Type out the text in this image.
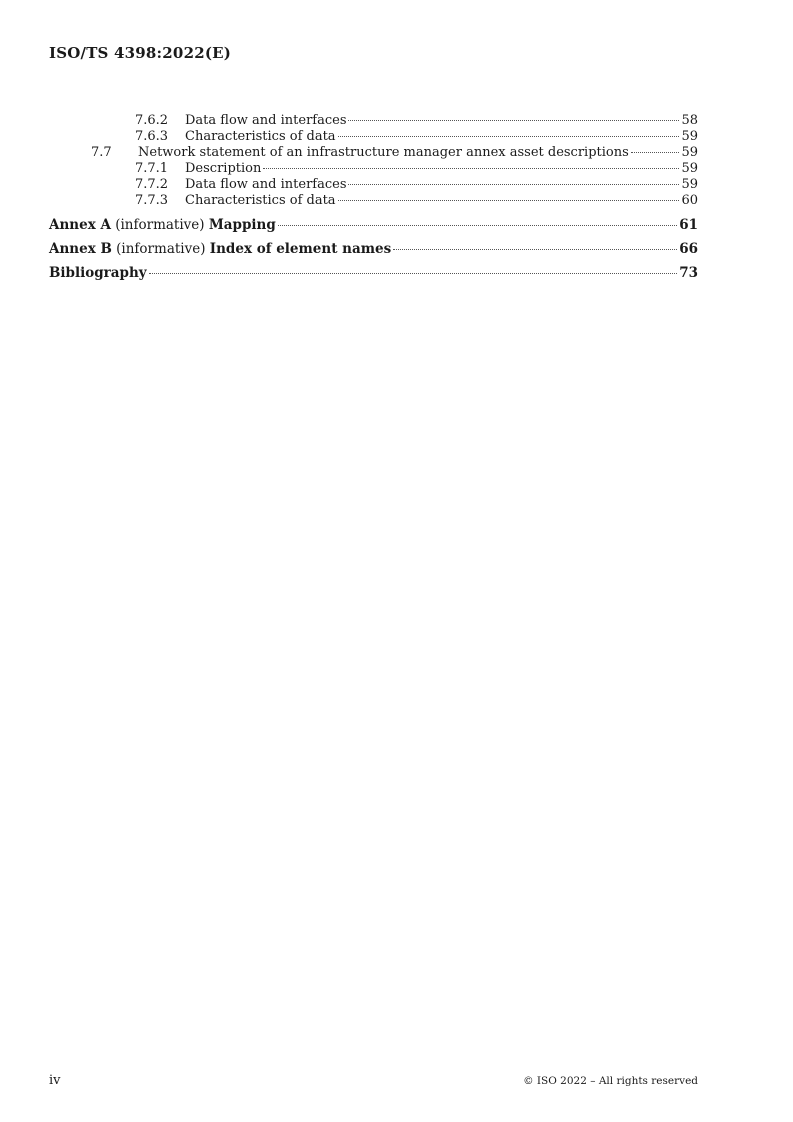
ISO/TS 4398:2022(E)
7.6.2	Data flow and interfaces	58
7.6.3	Characteristics of data	59
7.7	Network statement of an infrastructure manager annex asset descriptions	59
7.7.1	Description	59
7.7.2	Data flow and interfaces	59
7.7.3	Characteristics of data	60
Annex A (informative) Mapping	61
Annex B (informative) Index of element names	66
Bibliography	73
iv	© ISO 2022 – All rights reserved
